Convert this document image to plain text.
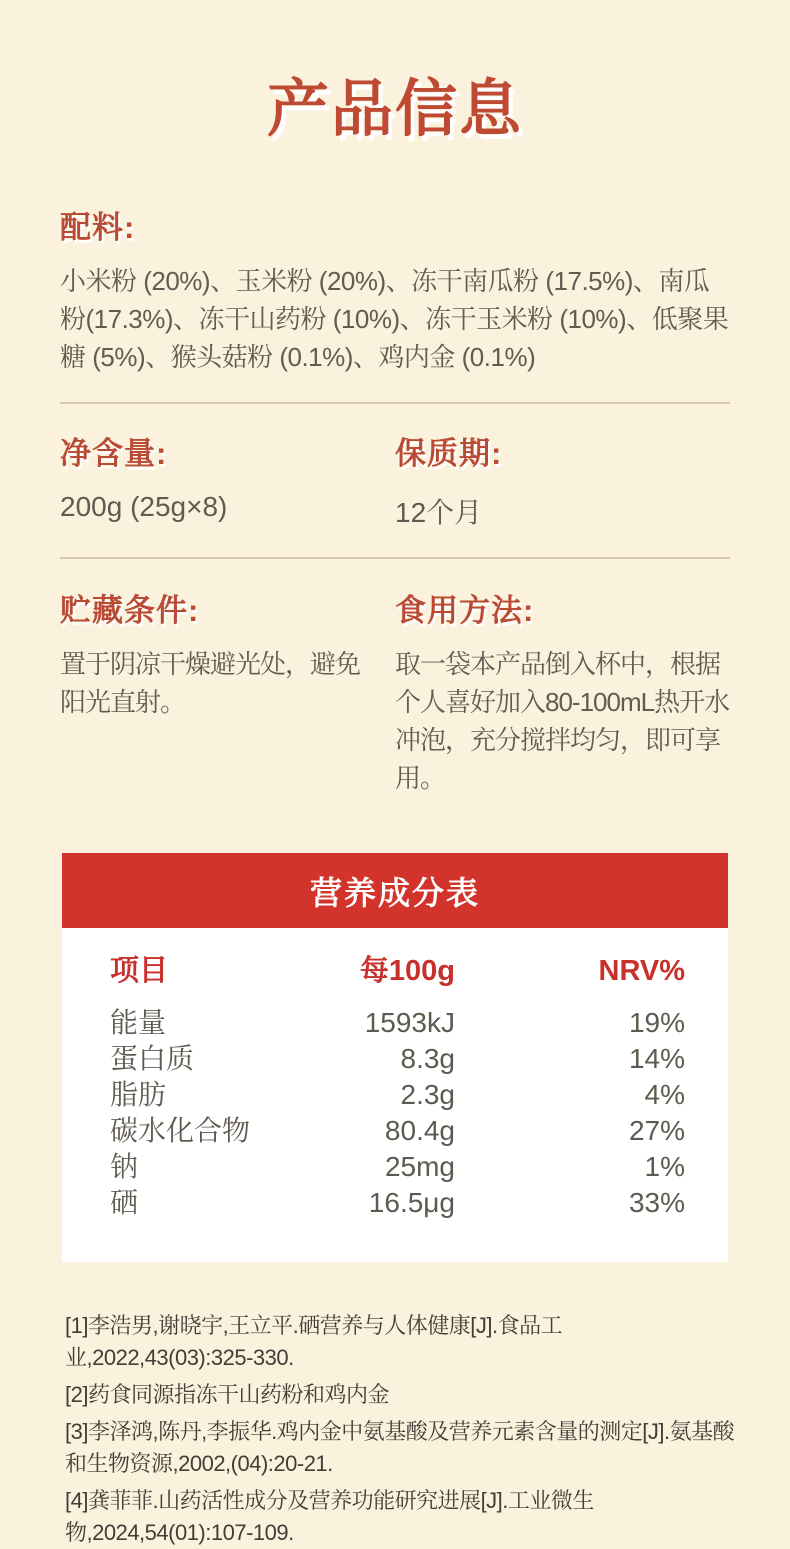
产品信息
配料:

小米粉 (20%)、玉米粉 (20%)、冻干南瓜粉 (17.5%)、南瓜粉(17.3%)、冻干山药粉 (10%)、冻干玉米粉 (10%)、低聚果糖 (5%)、猴头菇粉 (0.1%)、鸡内金 (0.1%)

净含量:

200g (25g×8)

保质期:

12个月

贮藏条件:

置于阴凉干燥避光处，避免阳光直射。

食用方法:

取一袋本产品倒入杯中，根据个人喜好加入80-100mL热开水冲泡，充分搅拌均匀，即可享用。

营养成分表
项目	每100g	NRV%
能量	1593kJ	19%
蛋白质	8.3g	14%
脂肪	2.3g	4%
碳水化合物	80.4g	27%
钠	25mg	1%
硒	16.5μg	33%

[1]李浩男,谢晓宇,王立平.硒营养与人体健康[J].食品工业,2022,43(03):325-330.

[2]药食同源指冻干山药粉和鸡内金

[3]李泽鸿,陈丹,李振华.鸡内金中氨基酸及营养元素含量的测定[J].氨基酸和生物资源,2002,(04):20-21.

[4]龚菲菲.山药活性成分及营养功能研究进展[J].工业微生物,2024,54(01):107-109.
